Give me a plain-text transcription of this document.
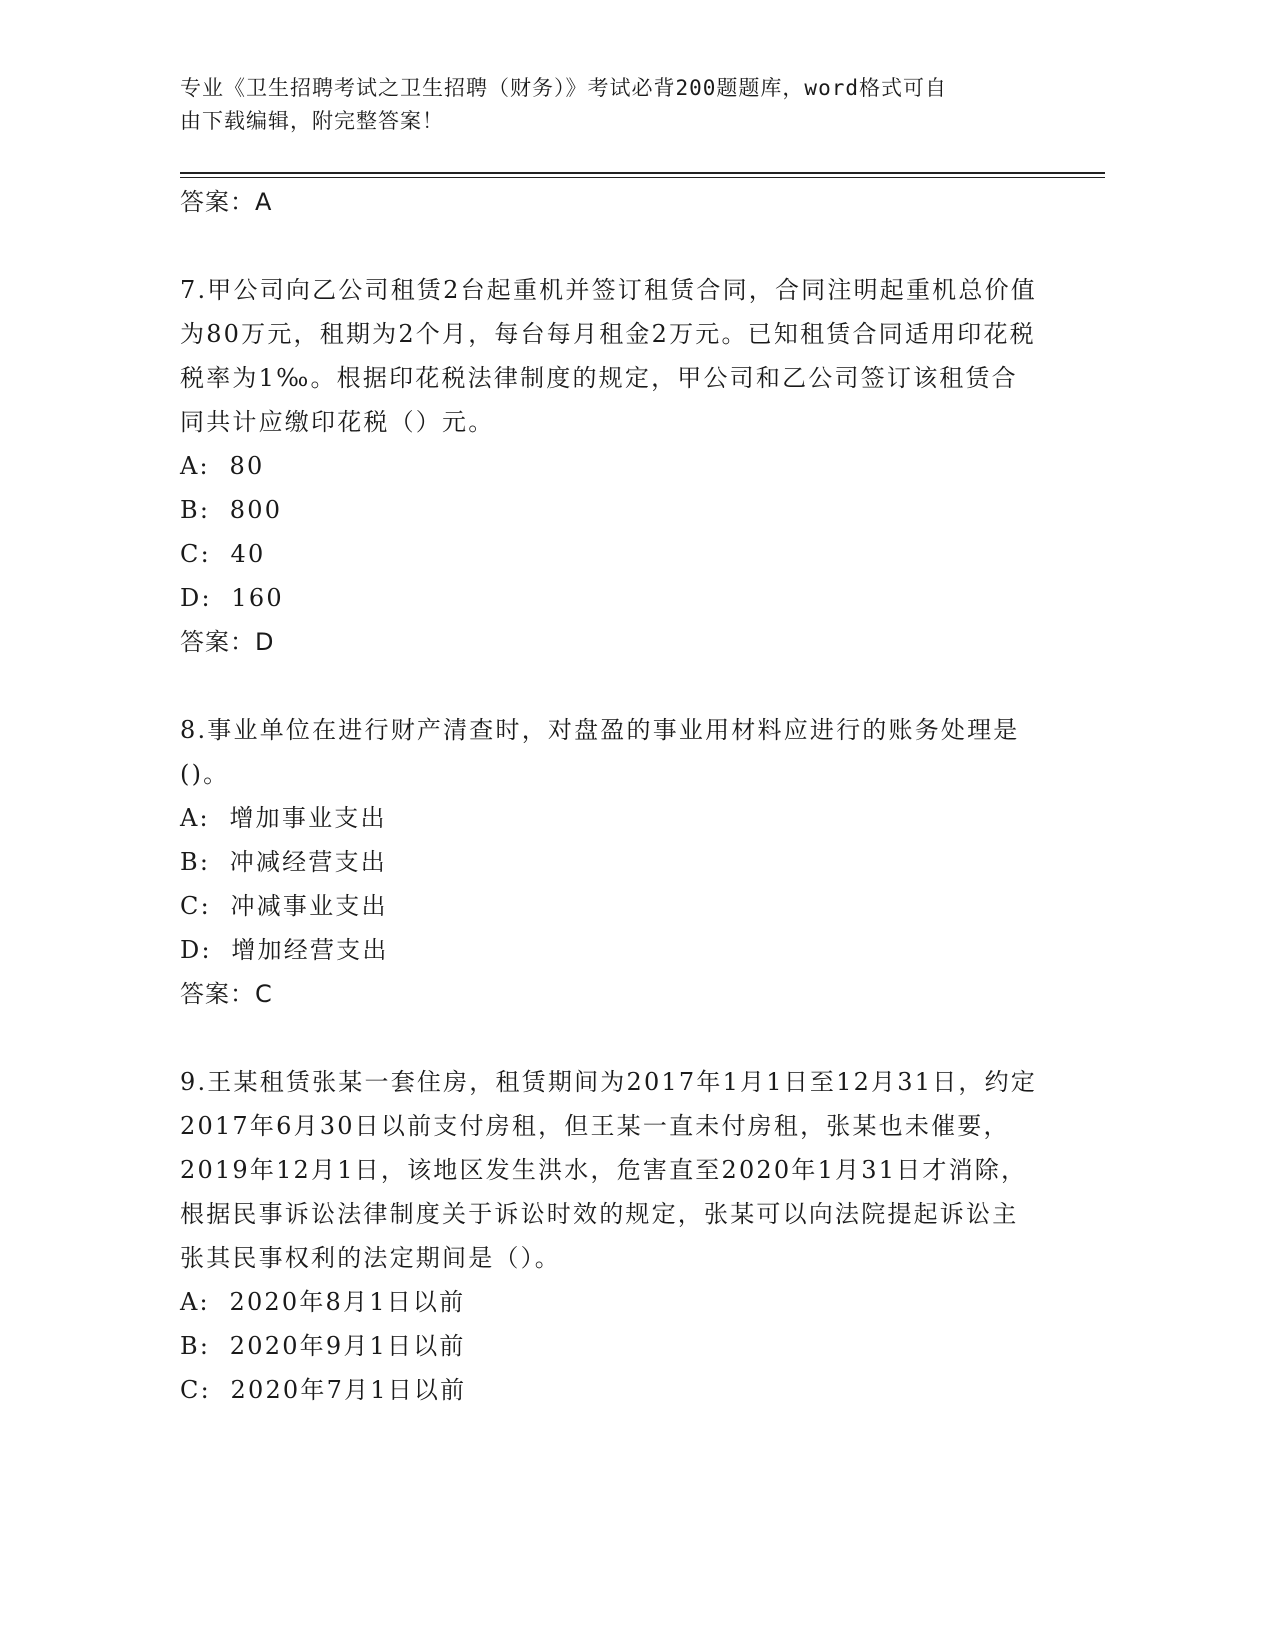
专业《卫生招聘考试之卫生招聘（财务）》考试必背200题题库，word格式可自
由下载编辑，附完整答案！
答案：A
7.甲公司向乙公司租赁2台起重机并签订租赁合同，合同注明起重机总价值为80万元，租期为2个月，每台每月租金2万元。已知租赁合同适用印花税税率为1‰。根据印花税法律制度的规定，甲公司和乙公司签订该租赁合同共计应缴印花税（）元。
A:  80
B:  800
C:  40
D:  160
答案：D
8.事业单位在进行财产清查时，对盘盈的事业用材料应进行的账务处理是()。
A:  增加事业支出
B:  冲减经营支出
C:  冲减事业支出
D:  增加经营支出
答案：C
9.王某租赁张某一套住房，租赁期间为2017年1月1日至12月31日，约定2017年6月30日以前支付房租，但王某一直未付房租，张某也未催要，2019年12月1日，该地区发生洪水，危害直至2020年1月31日才消除，根据民事诉讼法律制度关于诉讼时效的规定，张某可以向法院提起诉讼主张其民事权利的法定期间是（）。
A:  2020年8月1日以前
B:  2020年9月1日以前
C:  2020年7月1日以前
